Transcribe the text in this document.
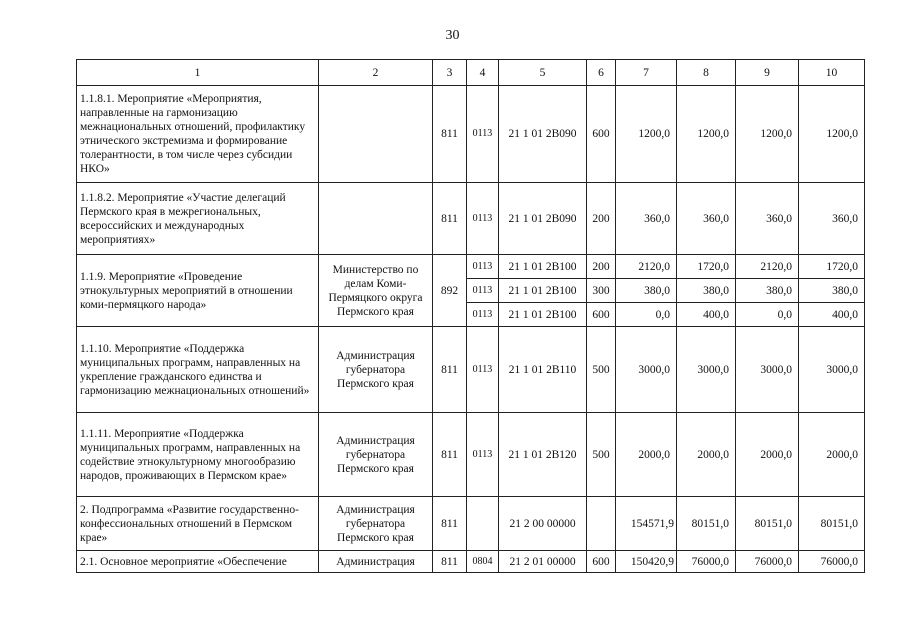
30
1	2	3	4	5	6	7	8	9	10
1.1.8.1. Мероприятие «Мероприятия, направленные на гармонизацию межнациональных отношений, профилактику этнического экстремизма и формирование толерантности, в том числе через субсидии НКО»		811	0113	21 1 01 2В090	600	1200,0	1200,0	1200,0	1200,0
1.1.8.2. Мероприятие «Участие делегаций Пермского края в межрегиональных, всероссийских и международных мероприятиях»		811	0113	21 1 01 2В090	200	360,0	360,0	360,0	360,0
1.1.9. Мероприятие «Проведение этнокультурных мероприятий в отношении коми-пермяцкого народа»	Министерство по делам Коми-Пермяцкого округа Пермского края	892	0113	21 1 01 2В100	200	2120,0	1720,0	2120,0	1720,0
			0113	21 1 01 2В100	300	380,0	380,0	380,0	380,0
			0113	21 1 01 2В100	600	0,0	400,0	0,0	400,0
1.1.10. Мероприятие «Поддержка муниципальных программ, направленных на укрепление гражданского единства и гармонизацию межнациональных отношений»	Администрация губернатора Пермского края	811	0113	21 1 01 2В110	500	3000,0	3000,0	3000,0	3000,0
1.1.11. Мероприятие «Поддержка муниципальных программ, направленных на содействие этнокультурному многообразию народов, проживающих в Пермском крае»	Администрация губернатора Пермского края	811	0113	21 1 01 2В120	500	2000,0	2000,0	2000,0	2000,0
2. Подпрограмма «Развитие государственно-конфессиональных отношений в Пермском крае»	Администрация губернатора Пермского края	811		21 2 00 00000		154571,9	80151,0	80151,0	80151,0
2.1. Основное мероприятие «Обеспечение	Администрация	811	0804	21 2 01 00000	600	150420,9	76000,0	76000,0	76000,0
